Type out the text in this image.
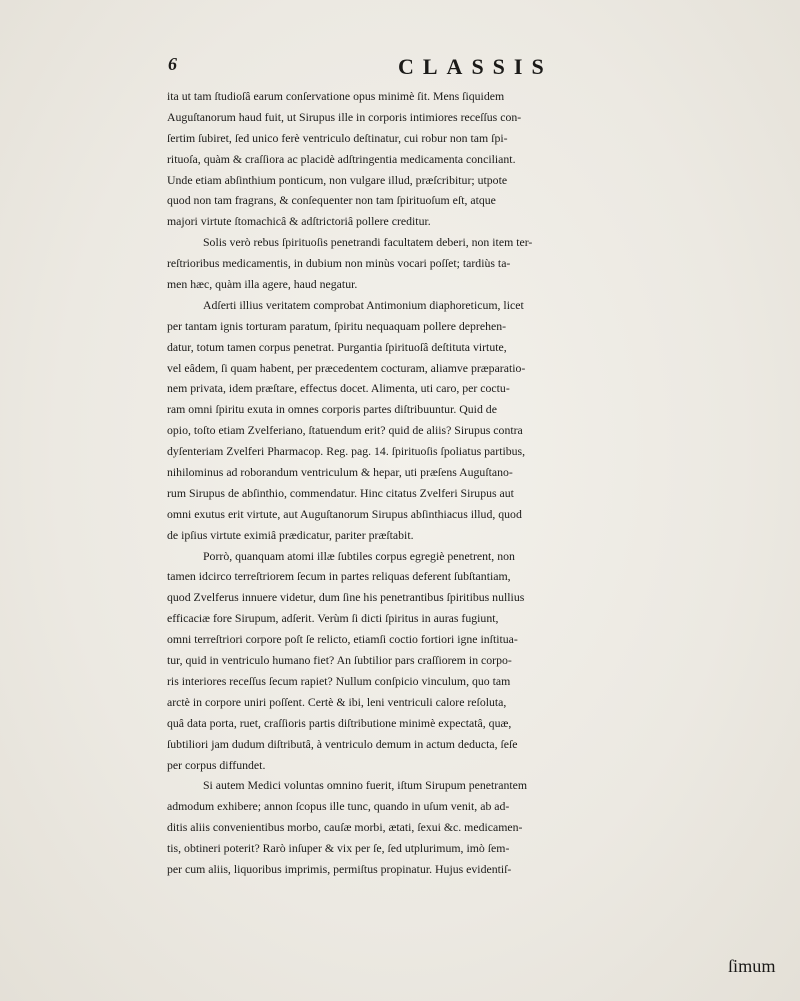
6	CLASSIS
ita ut tam ſtudioſâ earum conſervatione opus minimè ſit. Mens ſiquidem
Auguſtanorum haud fuit, ut Sirupus ille in corporis intimiores receſſus con-
ſertim ſubiret, ſed unico ferè ventriculo deſtinatur, cui robur non tam ſpi-
rituoſa, quàm & craſſiora ac placidè adſtringentia medicamenta conciliant.
Unde etiam abſinthium ponticum, non vulgare illud, præſcribitur; utpote
quod non tam fragrans, & conſequenter non tam ſpirituoſum eſt, atque
majori virtute ſtomachicâ & adſtrictoriâ pollere creditur.
Solis verò rebus ſpirituoſis penetrandi facultatem deberi, non item ter-
reſtrioribus medicamentis, in dubium non minùs vocari poſſet; tardiùs ta-
men hæc, quàm illa agere, haud negatur.
Adſerti illius veritatem comprobat Antimonium diaphoreticum, licet
per tantam ignis torturam paratum, ſpiritu nequaquam pollere deprehen-
datur, totum tamen corpus penetrat. Purgantia ſpirituoſâ deſtituta virtute,
vel eâdem, ſi quam habent, per præcedentem cocturam, aliamve præparatio-
nem privata, idem præſtare, effectus docet. Alimenta, uti caro, per coctu-
ram omni ſpiritu exuta in omnes corporis partes diſtribuuntur. Quid de
opio, toſto etiam Zvelferiano, ſtatuendum erit? quid de aliis? Sirupus contra
dyſenteriam Zvelferi Pharmacop. Reg. pag. 14. ſpirituoſis ſpoliatus partibus,
nihilominus ad roborandum ventriculum & hepar, uti præſens Auguſtano-
rum Sirupus de abſinthio, commendatur. Hinc citatus Zvelferi Sirupus aut
omni exutus erit virtute, aut Auguſtanorum Sirupus abſinthiacus illud, quod
de ipſius virtute eximiâ prædicatur, pariter præſtabit.
Porrò, quanquam atomi illæ ſubtiles corpus egregiè penetrent, non
tamen idcirco terreſtriorem ſecum in partes reliquas deferent ſubſtantiam,
quod Zvelferus innuere videtur, dum ſine his penetrantibus ſpiritibus nullius
efficaciæ fore Sirupum, adſerit. Verùm ſi dicti ſpiritus in auras fugiunt,
omni terreſtriori corpore poſt ſe relicto, etiamſi coctio fortiori igne inſtitua-
tur, quid in ventriculo humano fiet? An ſubtilior pars craſſiorem in corpo-
ris interiores receſſus ſecum rapiet? Nullum conſpicio vinculum, quo tam
arctè in corpore uniri poſſent. Certè & ibi, leni ventriculi calore reſoluta,
quâ data porta, ruet, craſſioris partis diſtributione minimè expectatâ, quæ,
ſubtiliori jam dudum diſtributâ, à ventriculo demum in actum deducta, ſeſe
per corpus diffundet.
Si autem Medici voluntas omnino fuerit, iſtum Sirupum penetrantem
admodum exhibere; annon ſcopus ille tunc, quando in uſum venit, ab ad-
ditis aliis convenientibus morbo, cauſæ morbi, ætati, ſexui &c. medicamen-
tis, obtineri poterit? Rarò inſuper & vix per ſe, ſed utplurimum, imò ſem-
per cum aliis, liquoribus imprimis, permiſtus propinatur. Hujus evidentiſ-
ſimum
